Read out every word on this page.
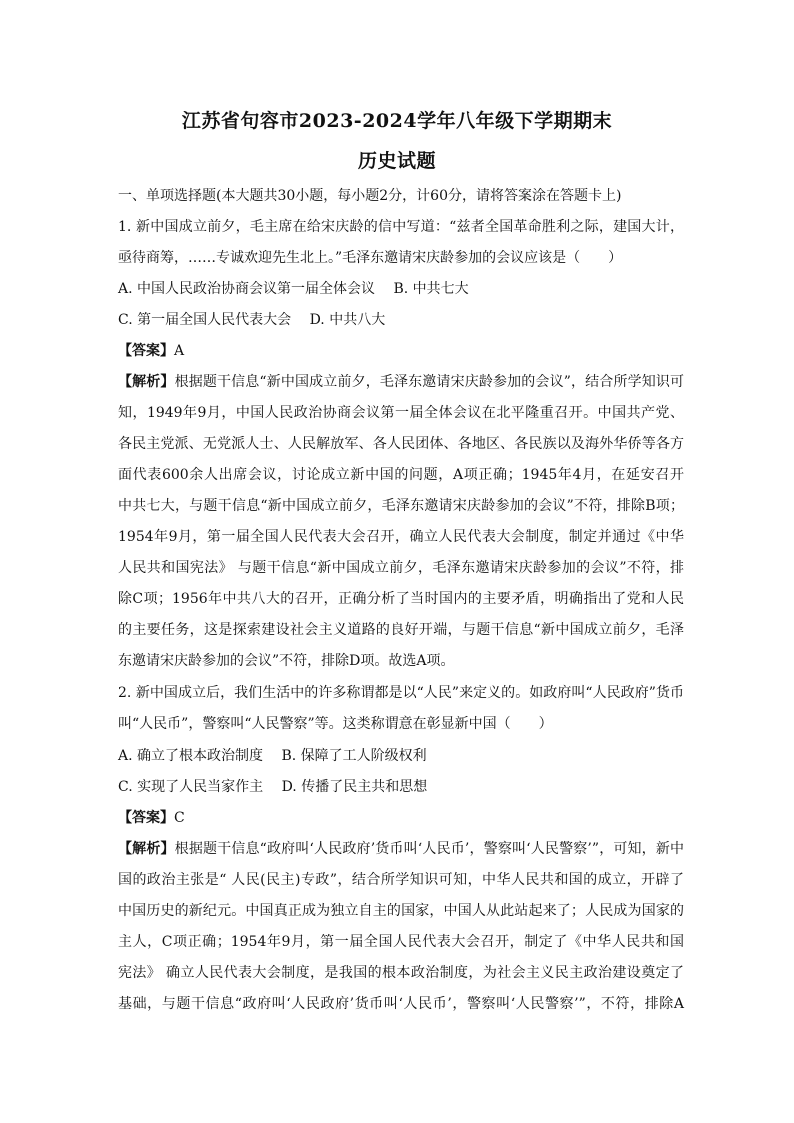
江苏省句容市2023-2024学年八年级下学期期末
历史试题
一、单项选择题(本大题共30小题，每小题2分，计60分，请将答案涂在答题卡上)
1. 新中国成立前夕，毛主席在给宋庆龄的信中写道：“兹者全国革命胜利之际，建国大计，
亟待商筹，……专诚欢迎先生北上。”毛泽东邀请宋庆龄参加的会议应该是（　　）
A. 中国人民政治协商会议第一届全体会议　 B. 中共七大
C. 第一届全国人民代表大会　 D. 中共八大
【答案】A
【解析】根据题干信息“新中国成立前夕，毛泽东邀请宋庆龄参加的会议”，结合所学知识可
知，1949年9月，中国人民政治协商会议第一届全体会议在北平隆重召开。中国共产党、
各民主党派、无党派人士、人民解放军、各人民团体、各地区、各民族以及海外华侨等各方
面代表600余人出席会议，讨论成立新中国的问题，A项正确；1945年4月，在延安召开
中共七大，与题干信息“新中国成立前夕，毛泽东邀请宋庆龄参加的会议”不符，排除B项；
1954年9月，第一届全国人民代表大会召开，确立人民代表大会制度，制定并通过《中华
人民共和国宪法》 与题干信息“新中国成立前夕，毛泽东邀请宋庆龄参加的会议”不符，排
除C项；1956年中共八大的召开，正确分析了当时国内的主要矛盾，明确指出了党和人民
的主要任务，这是探索建设社会主义道路的良好开端，与题干信息“新中国成立前夕，毛泽
东邀请宋庆龄参加的会议”不符，排除D项。故选A项。
2. 新中国成立后，我们生活中的许多称谓都是以“人民”来定义的。如政府叫“人民政府”货币
叫“人民币”，警察叫“人民警察”等。这类称谓意在彰显新中国（　　）
A. 确立了根本政治制度　 B. 保障了工人阶级权利
C. 实现了人民当家作主　 D. 传播了民主共和思想
【答案】C
【解析】根据题干信息“政府叫‘人民政府’货币叫‘人民币’，警察叫‘人民警察’”，可知，新中
国的政治主张是“ 人民(民主)专政”，结合所学知识可知，中华人民共和国的成立，开辟了
中国历史的新纪元。中国真正成为独立自主的国家，中国人从此站起来了；人民成为国家的
主人，C项正确；1954年9月，第一届全国人民代表大会召开，制定了《中华人民共和国
宪法》 确立人民代表大会制度，是我国的根本政治制度，为社会主义民主政治建设奠定了
基础，与题干信息“政府叫‘人民政府’货币叫‘人民币’，警察叫‘人民警察’”，不符，排除A
